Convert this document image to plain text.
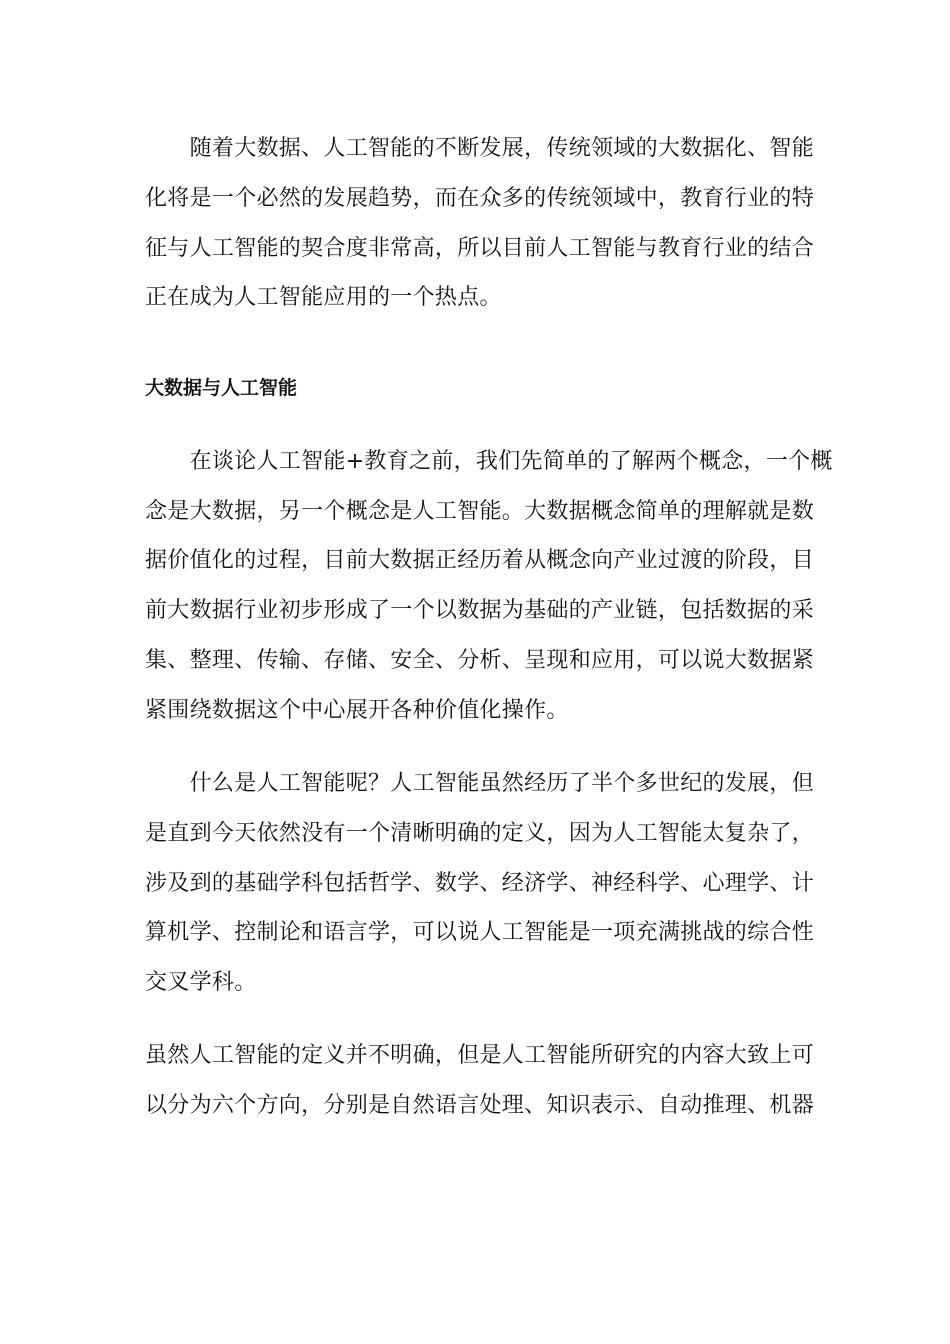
　　随着大数据、人工智能的不断发展，传统领域的大数据化、智能
化将是一个必然的发展趋势，而在众多的传统领域中，教育行业的特
征与人工智能的契合度非常高，所以目前人工智能与教育行业的结合
正在成为人工智能应用的一个热点。
大数据与人工智能
　　在谈论人工智能+教育之前，我们先简单的了解两个概念，一个概
念是大数据，另一个概念是人工智能。大数据概念简单的理解就是数
据价值化的过程，目前大数据正经历着从概念向产业过渡的阶段，目
前大数据行业初步形成了一个以数据为基础的产业链，包括数据的采
集、整理、传输、存储、安全、分析、呈现和应用，可以说大数据紧
紧围绕数据这个中心展开各种价值化操作。
　　什么是人工智能呢？人工智能虽然经历了半个多世纪的发展，但
是直到今天依然没有一个清晰明确的定义，因为人工智能太复杂了，
涉及到的基础学科包括哲学、数学、经济学、神经科学、心理学、计
算机学、控制论和语言学，可以说人工智能是一项充满挑战的综合性
交叉学科。
虽然人工智能的定义并不明确，但是人工智能所研究的内容大致上可
以分为六个方向，分别是自然语言处理、知识表示、自动推理、机器
